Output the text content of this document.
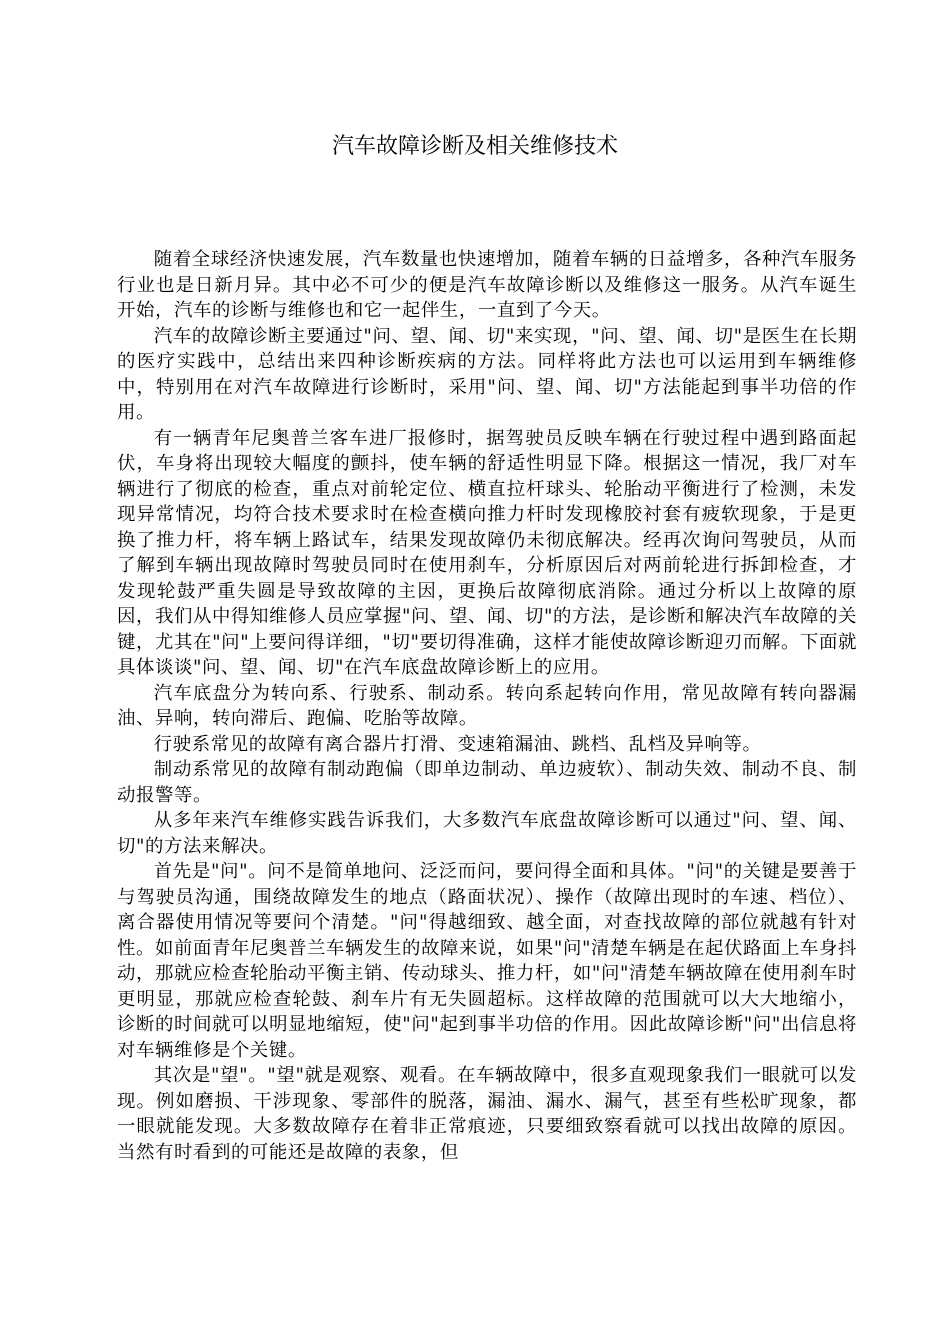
汽车故障诊断及相关维修技术

随着全球经济快速发展，汽车数量也快速增加，随着车辆的日益增多，各种汽车服务行业也是日新月异。其中必不可少的便是汽车故障诊断以及维修这一服务。从汽车诞生开始，汽车的诊断与维修也和它一起伴生，一直到了今天。

汽车的故障诊断主要通过"问、望、闻、切"来实现，"问、望、闻、切"是医生在长期的医疗实践中，总结出来四种诊断疾病的方法。同样将此方法也可以运用到车辆维修中，特别用在对汽车故障进行诊断时，采用"问、望、闻、切"方法能起到事半功倍的作用。

有一辆青年尼奥普兰客车进厂报修时，据驾驶员反映车辆在行驶过程中遇到路面起伏，车身将出现较大幅度的颤抖，使车辆的舒适性明显下降。根据这一情况，我厂对车辆进行了彻底的检查，重点对前轮定位、横直拉杆球头、轮胎动平衡进行了检测，未发现异常情况，均符合技术要求时在检查横向推力杆时发现橡胶衬套有疲软现象，于是更换了推力杆，将车辆上路试车，结果发现故障仍未彻底解决。经再次询问驾驶员，从而了解到车辆出现故障时驾驶员同时在使用刹车，分析原因后对两前轮进行拆卸检查，才发现轮鼓严重失圆是导致故障的主因，更换后故障彻底消除。通过分析以上故障的原因，我们从中得知维修人员应掌握"问、望、闻、切"的方法，是诊断和解决汽车故障的关键，尤其在"问"上要问得详细，"切"要切得准确，这样才能使故障诊断迎刃而解。下面就具体谈谈"问、望、闻、切"在汽车底盘故障诊断上的应用。

汽车底盘分为转向系、行驶系、制动系。转向系起转向作用，常见故障有转向器漏油、异响，转向滞后、跑偏、吃胎等故障。

行驶系常见的故障有离合器片打滑、变速箱漏油、跳档、乱档及异响等。

制动系常见的故障有制动跑偏（即单边制动、单边疲软）、制动失效、制动不良、制动报警等。

从多年来汽车维修实践告诉我们，大多数汽车底盘故障诊断可以通过"问、望、闻、切"的方法来解决。

首先是"问"。问不是简单地问、泛泛而问，要问得全面和具体。"问"的关键是要善于与驾驶员沟通，围绕故障发生的地点（路面状况）、操作（故障出现时的车速、档位）、离合器使用情况等要问个清楚。"问"得越细致、越全面，对查找故障的部位就越有针对性。如前面青年尼奥普兰车辆发生的故障来说，如果"问"清楚车辆是在起伏路面上车身抖动，那就应检查轮胎动平衡主销、传动球头、推力杆，如"问"清楚车辆故障在使用刹车时更明显，那就应检查轮鼓、刹车片有无失圆超标。这样故障的范围就可以大大地缩小，诊断的时间就可以明显地缩短，使"问"起到事半功倍的作用。因此故障诊断"问"出信息将对车辆维修是个关键。

其次是"望"。"望"就是观察、观看。在车辆故障中，很多直观现象我们一眼就可以发现。例如磨损、干涉现象、零部件的脱落，漏油、漏水、漏气，甚至有些松旷现象，都一眼就能发现。大多数故障存在着非正常痕迹，只要细致察看就可以找出故障的原因。当然有时看到的可能还是故障的表象，但
